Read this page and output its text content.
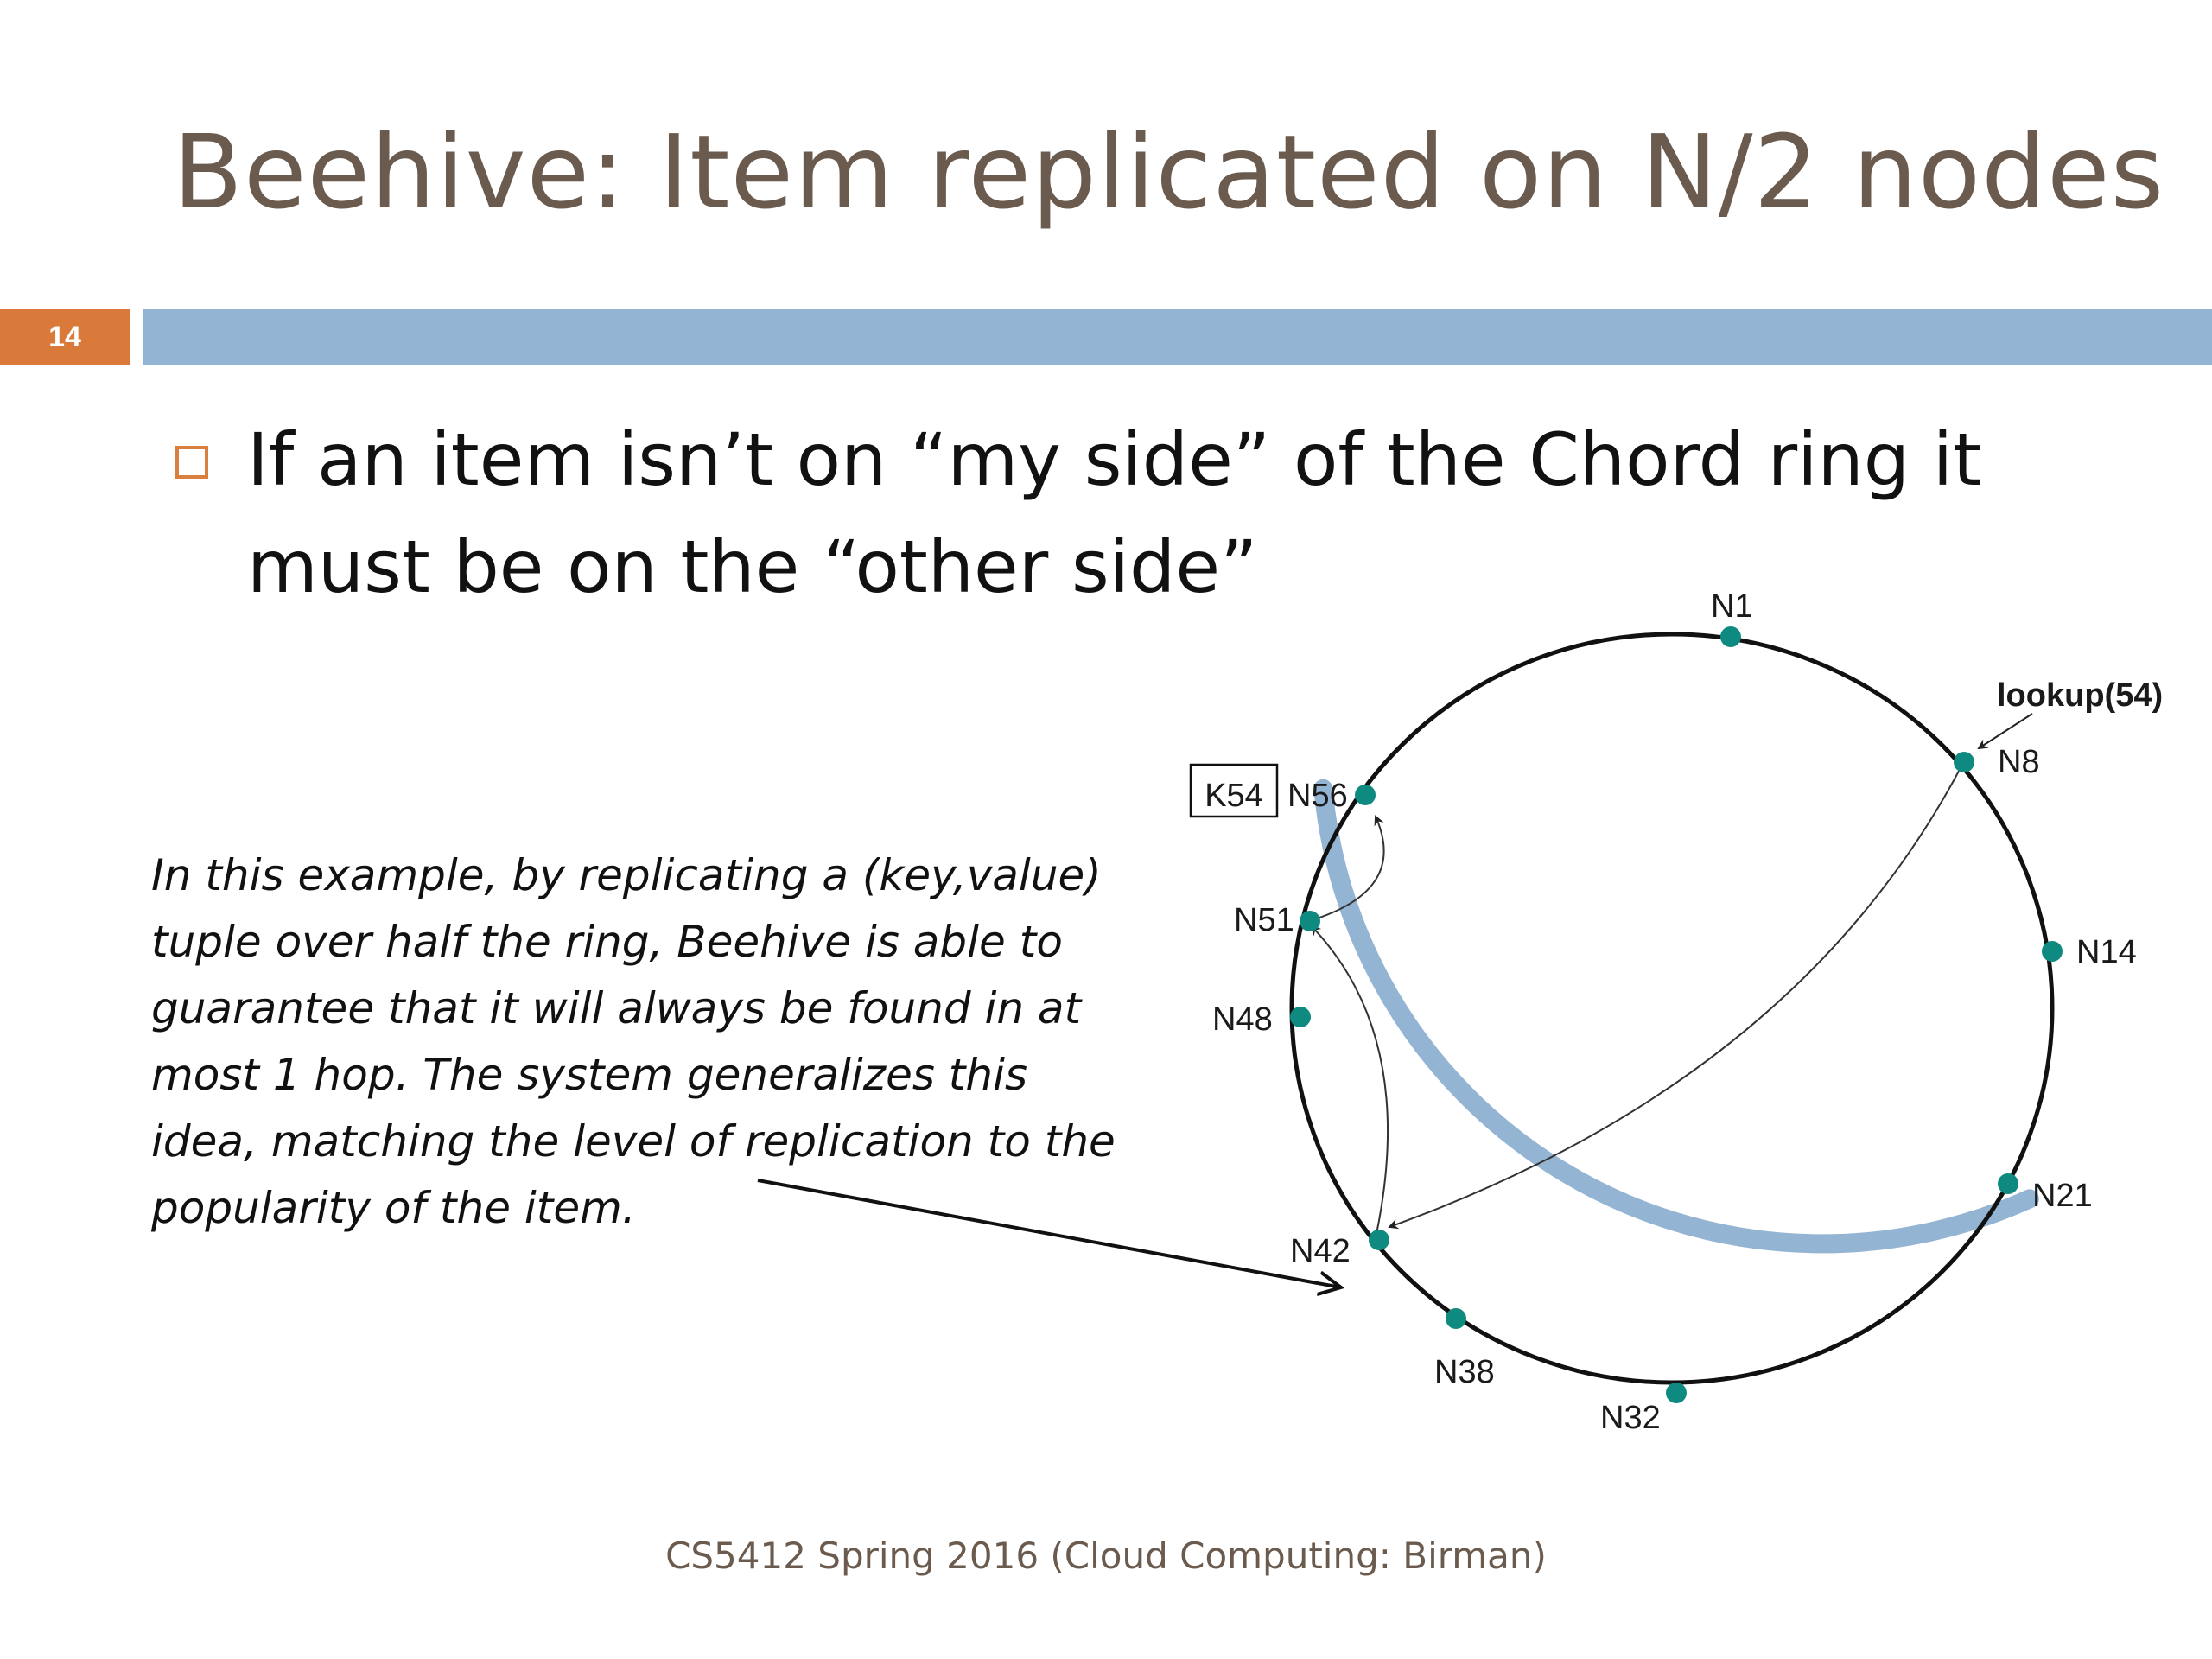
Beehive: Item replicated on N/2 nodes
14
If an item isn’t on “my side” of the Chord ring it must be on the “other side”
In this example, by replicating a (key,value) tuple over half the ring, Beehive is able to guarantee that it will always be found in at most 1 hop. The system generalizes this idea, matching the level of replication to the popularity of the item.
K54
lookup(54)
N1
N8
N14
N21
N32
N38
N42
N48
N51
N56
CS5412 Spring 2016 (Cloud Computing: Birman)
